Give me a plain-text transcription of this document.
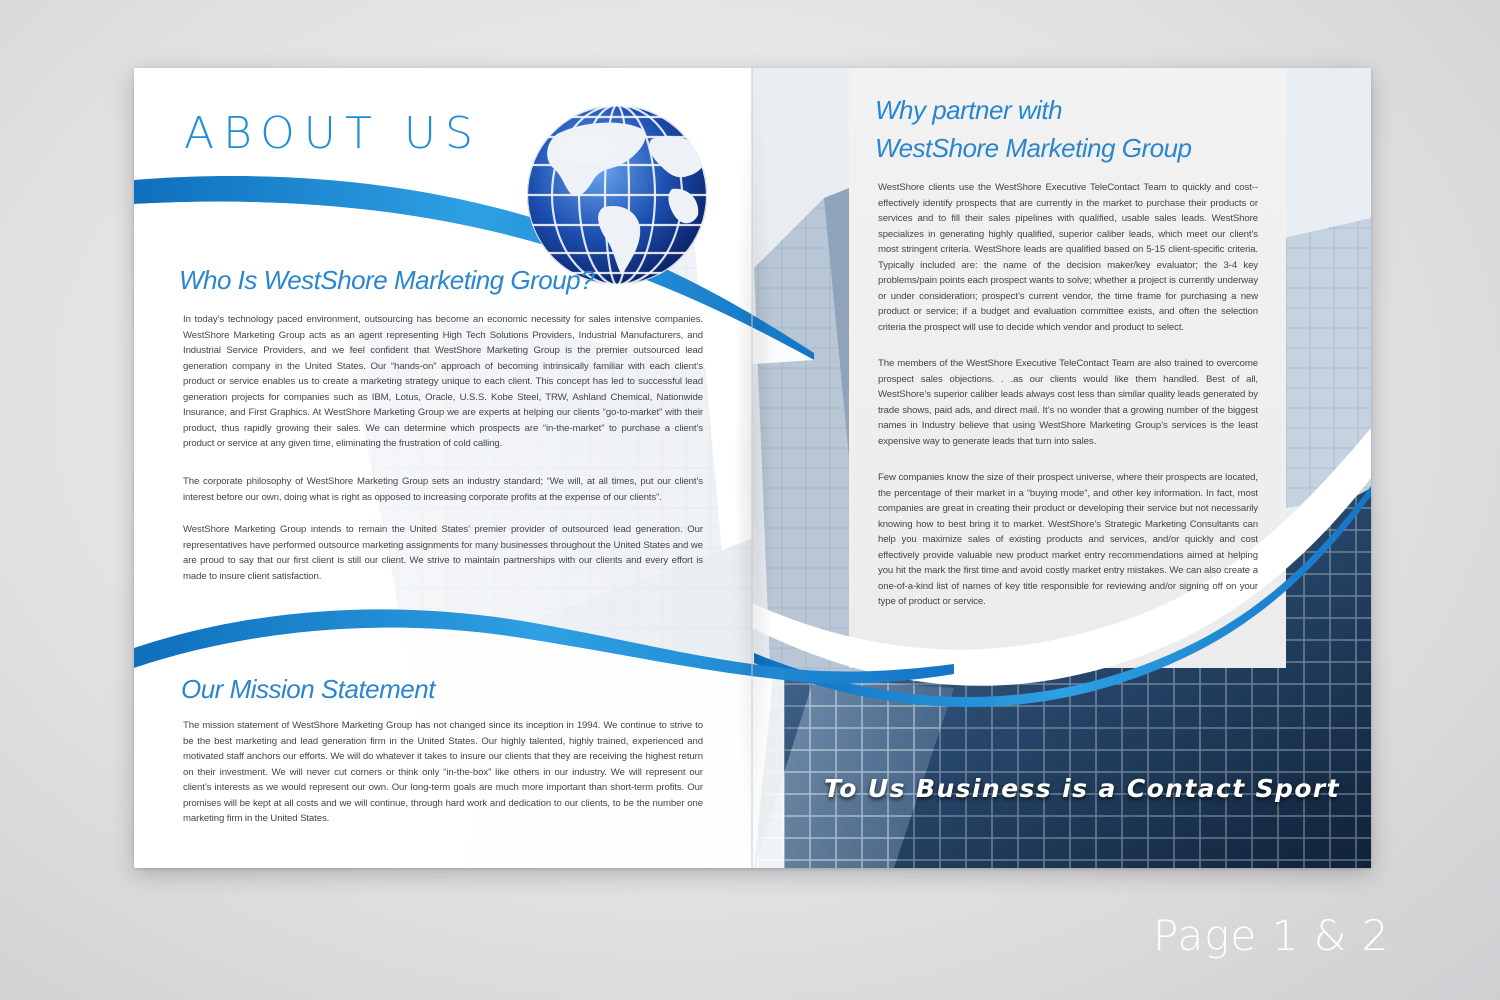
ABOUT US
Who Is WestShore Marketing Group?

In today’s technology paced environment, outsourcing has become an economic necessity for sales intensive companies. WestShore Marketing Group acts as an agent representing High Tech Solutions Providers, Industrial Manufacturers, and Industrial Service Providers, and we feel confident that WestShore Marketing Group is the premier outsourced lead generation company in the United States. Our “hands-on” approach of becoming intrinsically familiar with each client’s product or service enables us to create a marketing strategy unique to each client. This concept has led to successful lead generation projects for companies such as IBM, Lotus, Oracle, U.S.S. Kobe Steel, TRW, Ashland Chemical, Nationwide Insurance, and First Graphics. At WestShore Marketing Group we are experts at helping our clients “go-to-market” with their product, thus rapidly growing their sales. We can determine which prospects are “in-the-market” to purchase a client’s product or service at any given time, eliminating the frustration of cold calling.

The corporate philosophy of WestShore Marketing Group sets an industry standard; “We will, at all times, put our client’s interest before our own, doing what is right as opposed to increasing corporate profits at the expense of our clients”.

WestShore Marketing Group intends to remain the United States’ premier provider of outsourced lead generation. Our representatives have performed outsource marketing assignments for many businesses throughout the United States and we are proud to say that our first client is still our client. We strive to maintain partnerships with our clients and every effort is made to insure client satisfaction.

Our Mission Statement

The mission statement of WestShore Marketing Group has not changed since its inception in 1994. We continue to strive to be the best marketing and lead generation firm in the United States. Our highly talented, highly trained, experienced and motivated staff anchors our efforts. We will do whatever it takes to insure our clients that they are receiving the highest return on their investment. We will never cut corners or think only “in-the-box” like others in our industry. We will represent our client’s interests as we would represent our own. Our long-term goals are much more important than short-term profits. Our promises will be kept at all costs and we will continue, through hard work and dedication to our clients, to be the number one marketing firm in the United States.

Why partner with
WestShore Marketing Group

WestShore clients use the WestShore Executive TeleContact Team to quickly and cost--effectively identify prospects that are currently in the market to purchase their products or services and to fill their sales pipelines with qualified, usable sales leads. WestShore specializes in generating highly qualified, superior caliber leads, which meet our client’s most stringent criteria. WestShore leads are qualified based on 5-15 client-specific criteria. Typically included are: the name of the decision maker/key evaluator; the 3-4 key problems/pain points each prospect wants to solve; whether a project is currently underway or under consideration; prospect’s current vendor, the time frame for purchasing a new product or service; if a budget and evaluation committee exists, and often the selection criteria the prospect will use to decide which vendor and product to select.

The members of the WestShore Executive TeleContact Team are also trained to overcome prospect sales objections. . .as our clients would like them handled. Best of all, WestShore’s superior caliber leads always cost less than similar quality leads generated by trade shows, paid ads, and direct mail. It’s no wonder that a growing number of the biggest names in Industry believe that using WestShore Marketing Group’s services is the least expensive way to generate leads that turn into sales.

Few companies know the size of their prospect universe, where their prospects are located, the percentage of their market in a “buying mode”, and other key information. In fact, most companies are great in creating their product or developing their service but not necessarily knowing how to best bring it to market. WestShore’s Strategic Marketing Consultants can help you maximize sales of existing products and services, and/or quickly and cost effectively provide valuable new product market entry recommendations aimed at helping you hit the mark the first time and avoid costly market entry mistakes. We can also create a one-of-a-kind list of names of key title responsible for reviewing and/or signing off on your type of product or service.

To Us Business is a Contact Sport

Page 1 & 2
